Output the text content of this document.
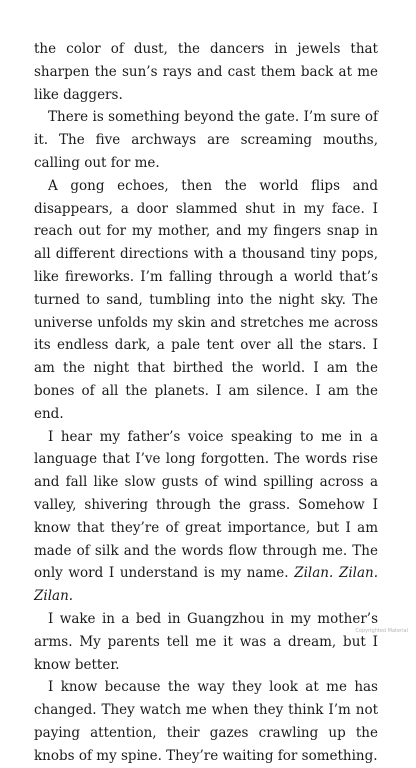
the color of dust, the dancers in jewels that sharpen the sun’s rays and cast them back at me like daggers.

There is something beyond the gate. I’m sure of it. The five archways are screaming mouths, calling out for me.

A gong echoes, then the world flips and disappears, a door slammed shut in my face. I reach out for my mother, and my fingers snap in all different directions with a thousand tiny pops, like fireworks. I’m falling through a world that’s turned to sand, tumbling into the night sky. The universe unfolds my skin and stretches me across its endless dark, a pale tent over all the stars. I am the night that birthed the world. I am the bones of all the planets. I am silence. I am the end.

I hear my father’s voice speaking to me in a language that I’ve long forgotten. The words rise and fall like slow gusts of wind spilling across a valley, shivering through the grass. Somehow I know that they’re of great importance, but I am made of silk and the words flow through me. The only word I understand is my name. Zilan. Zilan. Zilan.

I wake in a bed in Guangzhou in my mother’s arms. My parents tell me it was a dream, but I know better.

I know because the way they look at me has changed. They watch me when they think I’m not paying attention, their gazes crawling up the knobs of my spine. They’re waiting for something.

Copyrighted Material
